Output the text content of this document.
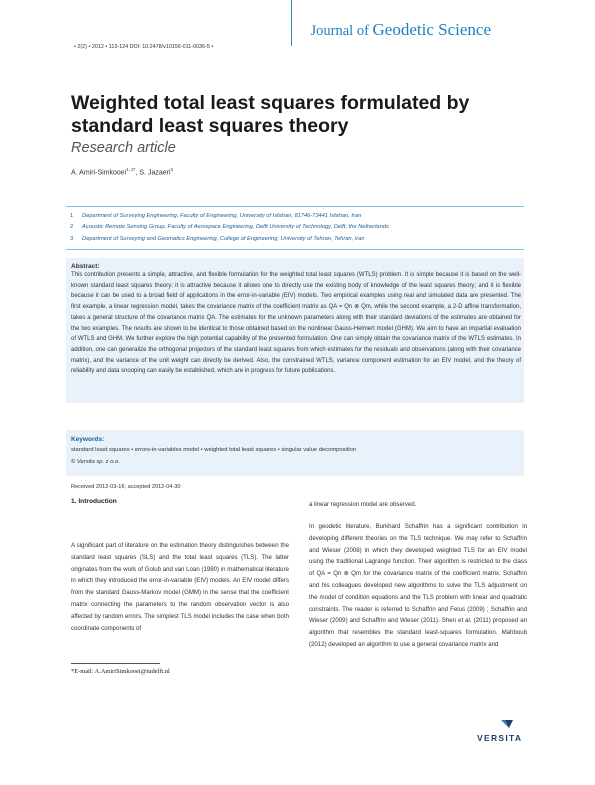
Journal of Geodetic Science
• 2(2) • 2012 • 113-124 DOI: 10.2478/v10156-011-0036-5 •
Weighted total least squares formulated by standard least squares theory
Research article
A. Amiri-Simkooei$^{1, 2*}$, S. Jazaeri$^3$
1 Department of Surveying Engineering, Faculty of Engineering, University of Isfahan, 81746-73441 Isfahan, Iran
2 Acoustic Remote Sensing Group, Faculty of Aerospace Engineering, Delft University of Technology, Delft, the Netherlands
3 Department of Surveying and Geomatics Engineering, College of Engineering, University of Tehran, Tehran, Iran
Abstract:
This contribution presents a simple, attractive, and flexible formulation for the weighted total least squares (WTLS) problem. It is simple because it is based on the well-known standard least squares theory; it is attractive because it allows one to directly use the existing body of knowledge of the least squares theory; and it is flexible because it can be used to a broad field of applications in the error-in-variable (EIV) models. Two empirical examples using real and simulated data are presented. The first example, a linear regression model, takes the covariance matrix of the coefficient matrix as QA = Qn ⊗ Qm, while the second example, a 2-D affine transformation, takes a general structure of the covariance matrix QA. The estimates for the unknown parameters along with their standard deviations of the estimates are obtained for the two examples. The results are shown to be identical to those obtained based on the nonlinear Gauss-Helmert model (GHM). We aim to have an impartial evaluation of WTLS and GHM. We further explore the high potential capability of the presented formulation. One can simply obtain the covariance matrix of the WTLS estimates. In addition, one can generalize the orthogonal projectors of the standard least squares from which estimates for the residuals and observations (along with their covariance matrix), and the variance of the unit weight can directly be derived. Also, the constrained WTLS, variance component estimation for an EIV model, and the theory of reliability and data snooping can easily be established, which are in progress for future publications.
Keywords:
standard least squares • errors-in-variables model • weighted total least squares • singular value decomposition
© Versita sp. z o.o.
Received 2012-03-16; accepted 2012-04-30
1. Introduction
A significant part of literature on the estimation theory distinguishes between the standard least squares (SLS) and the total least squares (TLS). The latter originates from the work of Golub and van Loan (1980) in mathematical literature in which they introduced the error-in-variable (EIV) models. An EIV model differs from the standard Gauss-Markov model (GMM) in the sense that the coefficient matrix connecting the parameters to the random observation vector is also affected by random errors. The simplest TLS model includes the case when both coordinate components of
*E-mail: A.AmiriSimkooei@tudelft.nl
a linear regression model are observed.
In geodetic literature, Burkhard Schaffrin has a significant contribution in developing different theories on the TLS technique. We may refer to Schaffrin and Wieser (2008) in which they developed weighted TLS for an EIV model using the traditional Lagrange function. Their algorithm is restricted to the class of QA = Qn ⊗ Qm for the covariance matrix of the coefficient matrix. Schaffrin and his colleagues developed new algorithms to solve the TLS adjustment on the model of condition equations and the TLS problem with linear and quadratic constraints. The reader is referred to Schaffrin and Felus (2009) ; Schaffrin and Wieser (2009) and Schaffrin and Wieser (2011). Shen et al. (2011) proposed an algorithm that resembles the standard least-squares formulation. Mahboub (2012) developed an algorithm to use a general covariance matrix and
VERSITA
